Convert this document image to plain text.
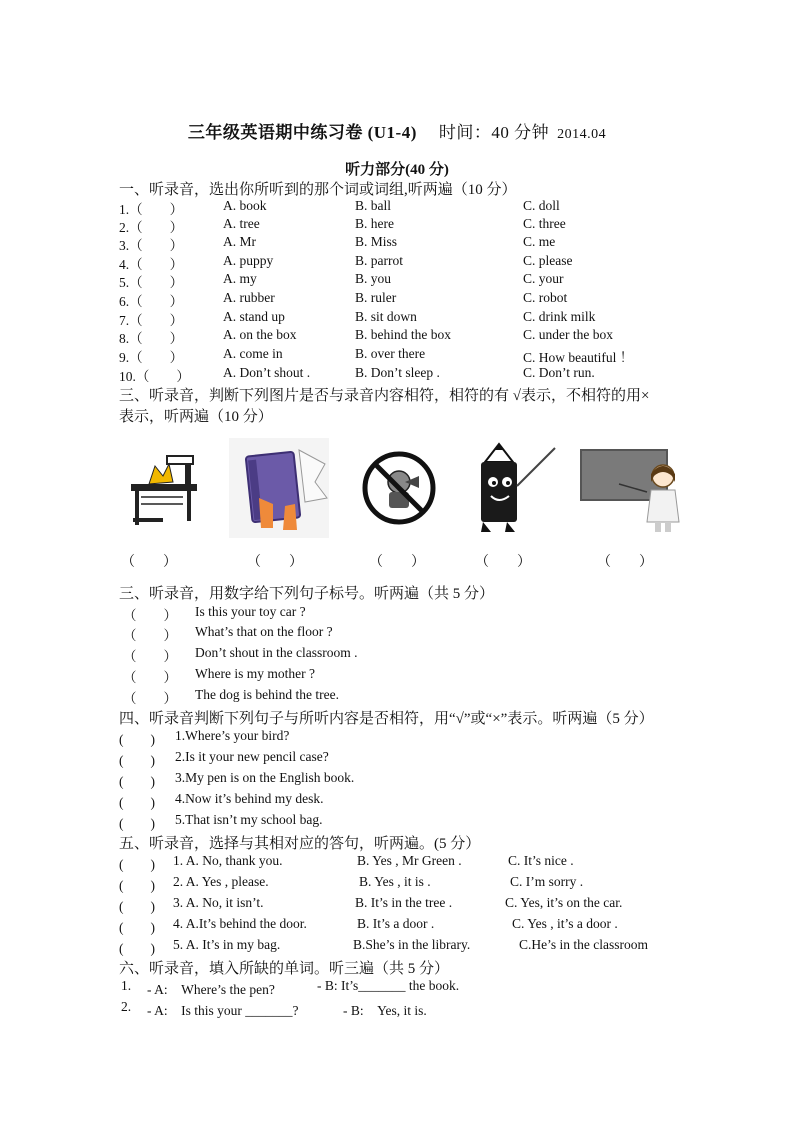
三年级英语期中练习卷 (U1-4) 时间：40 分钟 2014.04
听力部分(40 分)
一、听录音，选出你所听到的那个词或词组,听两遍（10 分）
1.（　　）	A. book	B. ball	C. doll
2.（　　）	A. tree	B. here	C. three
3.（　　）	A. Mr	B. Miss	C. me
4.（　　）	A. puppy	B. parrot	C. please
5.（　　）	A. my	B. you	C. your
6.（　　）	A. rubber	B. ruler	C. robot
7.（　　）	A. stand up	B. sit down	C. drink milk
8.（　　）	A. on the box	B. behind the box	C. under the box
9.（　　）	A. come in	B. over there	C. How beautiful ！
10.（　　） A. Don’t shout .	B. Don’t sleep .	C. Don’t run.
三、听录音，判断下列图片是否与录音内容相符，相符的有 √表示，不相符的用×
表示，听两遍（10 分）
（　　）	（　　）	（　　）	（　　）	（　　）
三、听录音，用数字给下列句子标号。听两遍（共 5 分）
（　　） Is this your toy car ?
（　　） What’s that on the floor ?
（　　） Don’t shout in the classroom .
（　　） Where is my mother ?
（　　） The dog is behind the tree.
四、听录音判断下列句子与所听内容是否相符，用“√”或“×”表示。听两遍（5 分）
(　　) 1.Where’s your bird?
(　　) 2.Is it your new pencil case?
(　　) 3.My pen is on the English book.
(　　) 4.Now it’s behind my desk.
(　　) 5.That isn’t my school bag.
五、听录音，选择与其相对应的答句，听两遍。(5 分）
(　　) 1. A. No, thank you.	B. Yes , Mr Green .	C. It’s nice .
(　　) 2. A. Yes , please.	B. Yes , it is .	C. I’m sorry .
(　　) 3. A. No, it isn’t.	B. It’s in the tree .	C. Yes, it’s on the car.
(　　) 4. A.It’s behind the door.	B. It’s a door .	C. Yes , it’s a door .
(　　) 5. A. It’s in my bag.	B.She’s in the library.	C.He’s in the classroom
六、听录音，填入所缺的单词。听三遍（共 5 分）
1. - A:　Where’s the pen?	- B: It’s_______ the book.
2. - A:　Is this your _______?	- B:　Yes, it is.
